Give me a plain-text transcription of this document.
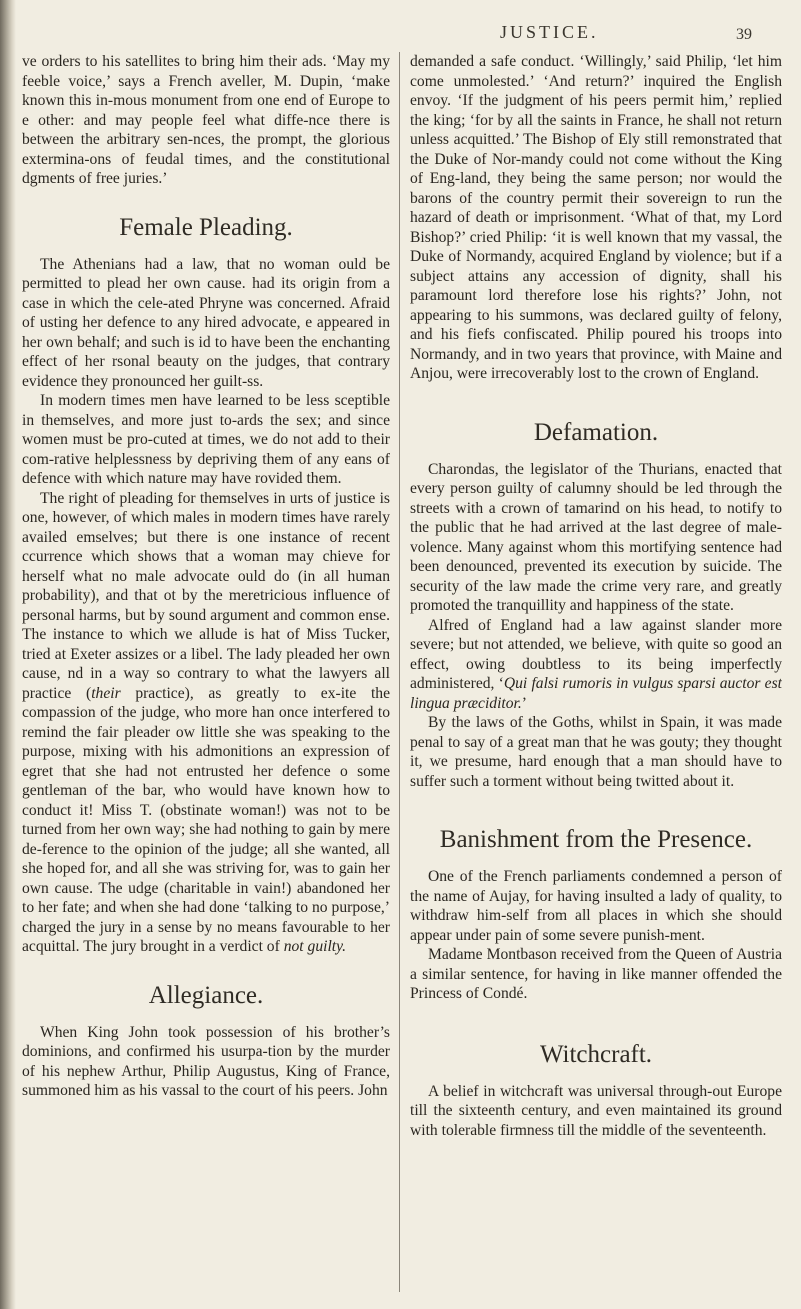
JUSTICE.	39

ve orders to his satellites to bring him their ads. ‘May my feeble voice,’ says a French aveller, M. Dupin, ‘make known this in-mous monument from one end of Europe to e other: and may people feel what diffe-nce there is between the arbitrary sen-nces, the prompt, the glorious extermina-ons of feudal times, and the constitutional dgments of free juries.’

Female Pleading.

The Athenians had a law, that no woman ould be permitted to plead her own cause. had its origin from a case in which the cele-ated Phryne was concerned. Afraid of usting her defence to any hired advocate, e appeared in her own behalf; and such is id to have been the enchanting effect of her rsonal beauty on the judges, that contrary evidence they pronounced her guilt-ss.

In modern times men have learned to be less sceptible in themselves, and more just to-ards the sex; and since women must be pro-cuted at times, we do not add to their com-rative helplessness by depriving them of any eans of defence with which nature may have rovided them.

The right of pleading for themselves in urts of justice is one, however, of which males in modern times have rarely availed emselves; but there is one instance of recent ccurrence which shows that a woman may chieve for herself what no male advocate ould do (in all human probability), and that ot by the meretricious influence of personal harms, but by sound argument and common ense. The instance to which we allude is hat of Miss Tucker, tried at Exeter assizes or a libel. The lady pleaded her own cause, nd in a way so contrary to what the lawyers all practice (their practice), as greatly to ex-ite the compassion of the judge, who more han once interfered to remind the fair pleader ow little she was speaking to the purpose, mixing with his admonitions an expression of egret that she had not entrusted her defence o some gentleman of the bar, who would have known how to conduct it! Miss T. (obstinate woman!) was not to be turned from her own way; she had nothing to gain by mere de-ference to the opinion of the judge; all she wanted, all she hoped for, and all she was striving for, was to gain her own cause. The udge (charitable in vain!) abandoned her to her fate; and when she had done ‘talking to no purpose,’ charged the jury in a sense by no means favourable to her acquittal. The jury brought in a verdict of not guilty.

Allegiance.

When King John took possession of his brother’s dominions, and confirmed his usurpa-tion by the murder of his nephew Arthur, Philip Augustus, King of France, summoned him as his vassal to the court of his peers. John

demanded a safe conduct. ‘Willingly,’ said Philip, ‘let him come unmolested.’ ‘And return?’ inquired the English envoy. ‘If the judgment of his peers permit him,’ replied the king; ‘for by all the saints in France, he shall not return unless acquitted.’ The Bishop of Ely still remonstrated that the Duke of Nor-mandy could not come without the King of Eng-land, they being the same person; nor would the barons of the country permit their sovereign to run the hazard of death or imprisonment. ‘What of that, my Lord Bishop?’ cried Philip: ‘it is well known that my vassal, the Duke of Normandy, acquired England by violence; but if a subject attains any accession of dignity, shall his paramount lord therefore lose his rights?’ John, not appearing to his summons, was declared guilty of felony, and his fiefs confiscated. Philip poured his troops into Normandy, and in two years that province, with Maine and Anjou, were irrecoverably lost to the crown of England.

Defamation.

Charondas, the legislator of the Thurians, enacted that every person guilty of calumny should be led through the streets with a crown of tamarind on his head, to notify to the public that he had arrived at the last degree of male-volence. Many against whom this mortifying sentence had been denounced, prevented its execution by suicide. The security of the law made the crime very rare, and greatly promoted the tranquillity and happiness of the state.

Alfred of England had a law against slander more severe; but not attended, we believe, with quite so good an effect, owing doubtless to its being imperfectly administered, ‘Qui falsi rumoris in vulgus sparsi auctor est lingua præciditor.’

By the laws of the Goths, whilst in Spain, it was made penal to say of a great man that he was gouty; they thought it, we presume, hard enough that a man should have to suffer such a torment without being twitted about it.

Banishment from the Presence.

One of the French parliaments condemned a person of the name of Aujay, for having insulted a lady of quality, to withdraw him-self from all places in which she should appear under pain of some severe punish-ment.

Madame Montbason received from the Queen of Austria a similar sentence, for having in like manner offended the Princess of Condé.

Witchcraft.

A belief in witchcraft was universal through-out Europe till the sixteenth century, and even maintained its ground with tolerable firmness till the middle of the seventeenth.
